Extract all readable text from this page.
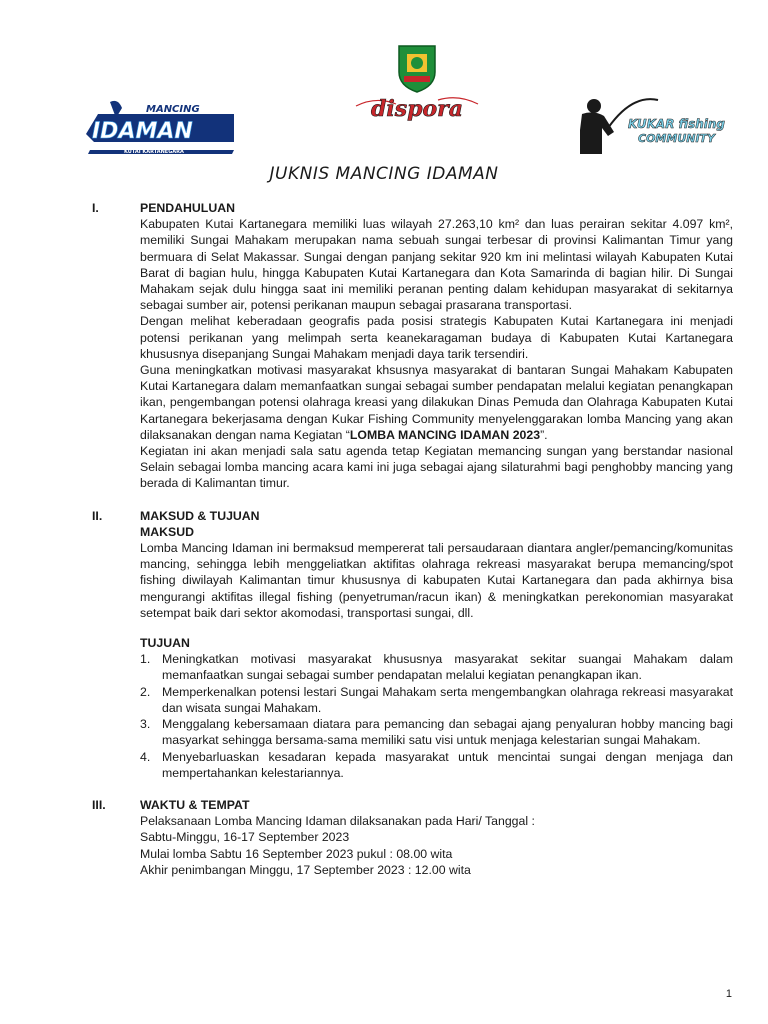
MANCING
IDAMAN
KUTAI KARTANEGARA
dispora
KUKAR fishing
COMMUNITY
JUKNIS MANCING IDAMAN
I.	PENDAHULUAN

Kabupaten Kutai Kartanegara memiliki luas wilayah 27.263,10 km² dan luas perairan sekitar 4.097 km², memiliki Sungai Mahakam merupakan nama sebuah sungai terbesar di provinsi Kalimantan Timur yang bermuara di Selat Makassar. Sungai dengan panjang sekitar 920 km ini melintasi wilayah Kabupaten Kutai Barat di bagian hulu, hingga Kabupaten Kutai Kartanegara dan Kota Samarinda di bagian hilir. Di Sungai Mahakam sejak dulu hingga saat ini memiliki peranan penting dalam kehidupan masyarakat di sekitarnya sebagai sumber air, potensi perikanan maupun sebagai prasarana transportasi.

Dengan melihat keberadaan geografis pada posisi strategis Kabupaten Kutai Kartanegara ini menjadi potensi perikanan yang melimpah serta keanekaragaman budaya di Kabupaten Kutai Kartanegara khususnya disepanjang Sungai Mahakam menjadi daya tarik tersendiri.

Guna meningkatkan motivasi masyarakat khsusnya masyarakat di bantaran Sungai Mahakam Kabupaten Kutai Kartanegara dalam memanfaatkan sungai sebagai sumber pendapatan melalui kegiatan penangkapan ikan, pengembangan potensi olahraga kreasi yang dilakukan Dinas Pemuda dan Olahraga Kabupaten Kutai Kartanegara bekerjasama dengan Kukar Fishing Community menyelenggarakan lomba Mancing yang akan dilaksanakan dengan nama Kegiatan “LOMBA MANCING IDAMAN 2023”.

Kegiatan ini akan menjadi sala satu agenda tetap Kegiatan memancing sungan yang berstandar nasional Selain sebagai lomba mancing acara kami ini juga sebagai ajang silaturahmi bagi penghobby mancing yang berada di Kalimantan timur.

II.	MAKSUD & TUJUAN
MAKSUD

Lomba Mancing Idaman ini bermaksud mempererat tali persaudaraan diantara angler/pemancing/komunitas mancing, sehingga lebih menggeliatkan aktifitas olahraga rekreasi masyarakat berupa memancing/spot fishing diwilayah Kalimantan timur khususnya di kabupaten Kutai Kartanegara dan pada akhirnya bisa mengurangi aktifitas illegal fishing (penyetruman/racun ikan) & meningkatkan perekonomian masyarakat setempat baik dari sektor akomodasi, transportasi sungai, dll.

TUJUAN
1. Meningkatkan motivasi masyarakat khususnya masyarakat sekitar suangai Mahakam dalam memanfaatkan sungai sebagai sumber pendapatan melalui kegiatan penangkapan ikan.
2. Memperkenalkan potensi lestari Sungai Mahakam serta mengembangkan olahraga rekreasi masyarakat dan wisata sungai Mahakam.
3. Menggalang kebersamaan diatara para pemancing dan sebagai ajang penyaluran hobby mancing bagi masyarkat sehingga bersama-sama memiliki satu visi untuk menjaga kelestarian sungai Mahakam.
4. Menyebarluaskan kesadaran kepada masyarakat untuk mencintai sungai dengan menjaga dan mempertahankan kelestariannya.
III.	WAKTU & TEMPAT
Pelaksanaan Lomba Mancing Idaman dilaksanakan pada Hari/ Tanggal :
Sabtu-Minggu, 16-17 September 2023
Mulai lomba Sabtu 16 September 2023 pukul : 08.00 wita
Akhir penimbangan Minggu, 17 September 2023 : 12.00 wita
1
